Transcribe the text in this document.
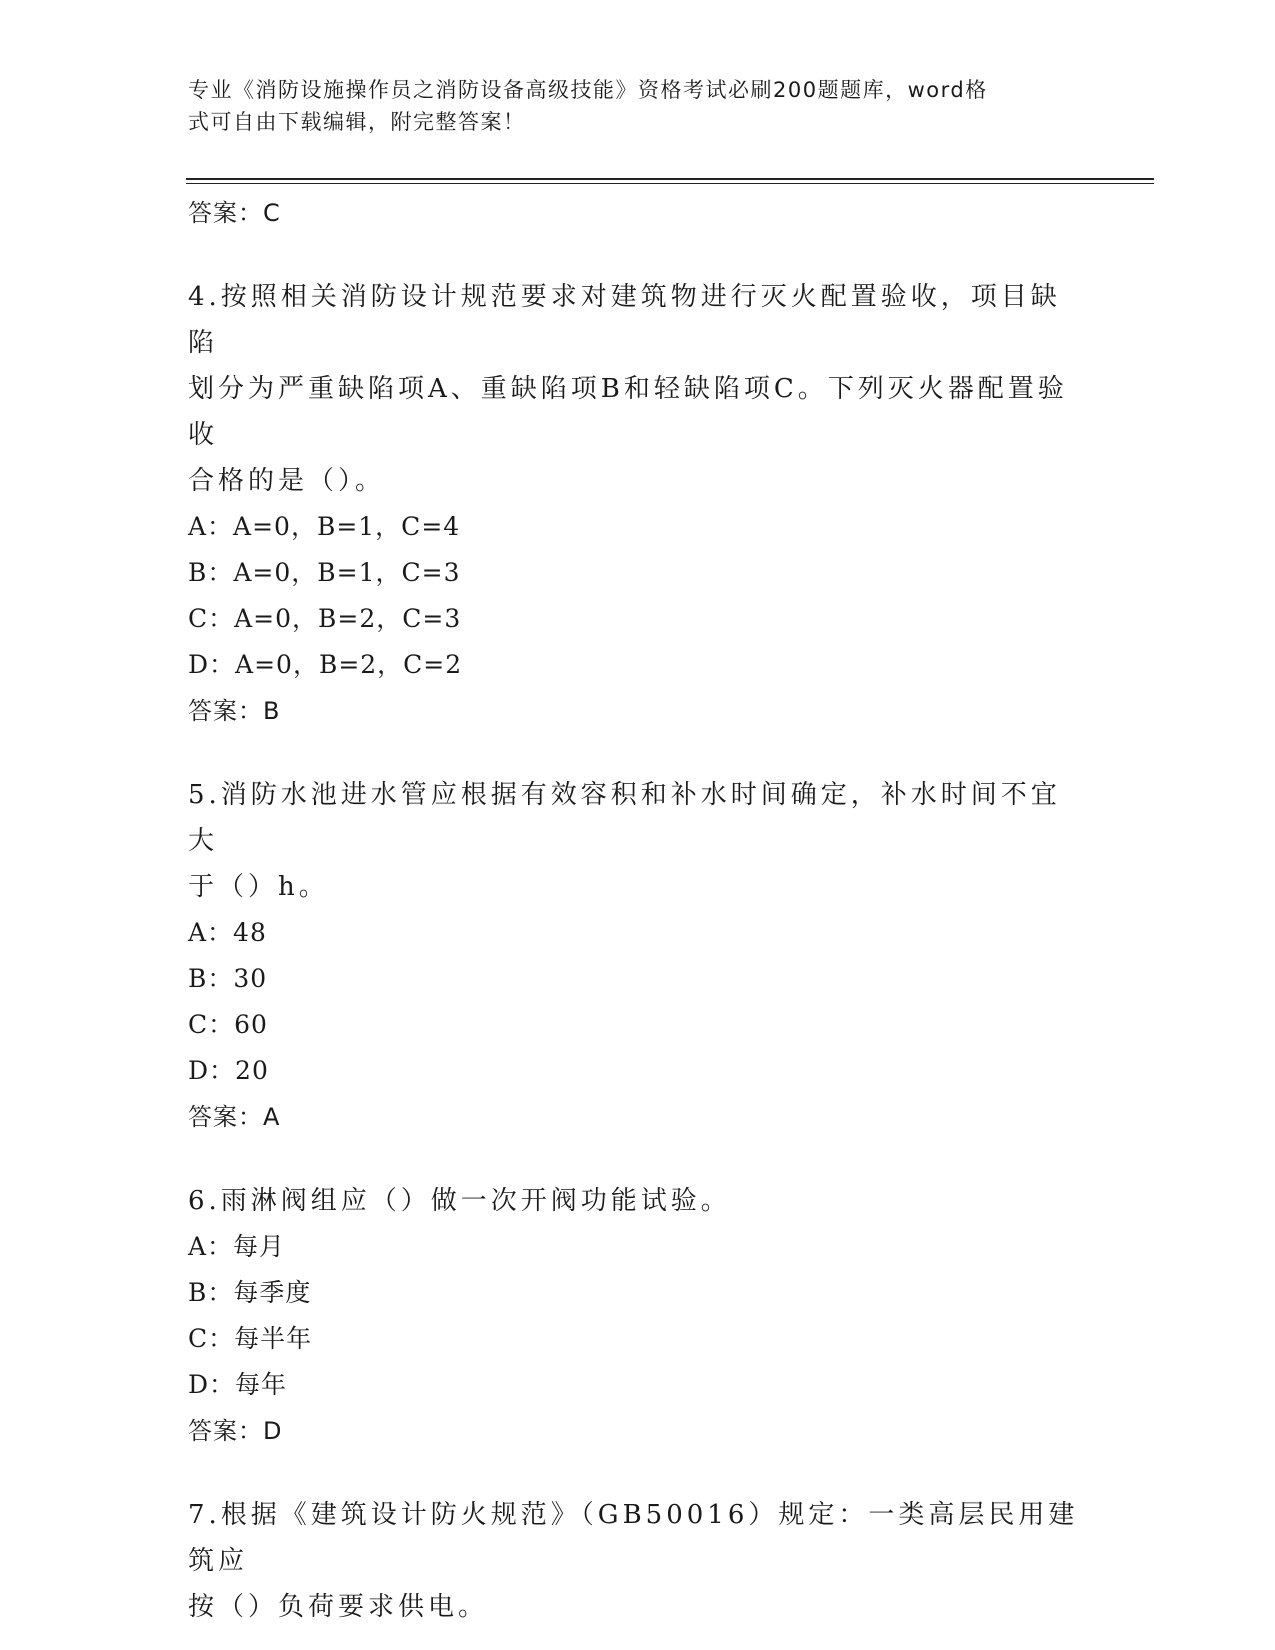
专业《消防设施操作员之消防设备高级技能》资格考试必刷200题题库，word格
式可自由下载编辑，附完整答案！
答案：C
4.按照相关消防设计规范要求对建筑物进行灭火配置验收，项目缺陷
划分为严重缺陷项A、重缺陷项B和轻缺陷项C。下列灭火器配置验收
合格的是（）。
A：A=0，B=1，C=4
B：A=0，B=1，C=3
C：A=0，B=2，C=3
D：A=0，B=2，C=2
答案：B
5.消防水池进水管应根据有效容积和补水时间确定，补水时间不宜大
于（）h。
A：48
B：30
C：60
D：20
答案：A
6.雨淋阀组应（）做一次开阀功能试验。
A：每月
B：每季度
C：每半年
D：每年
答案：D
7.根据《建筑设计防火规范》（GB50016）规定：一类高层民用建筑应
按（）负荷要求供电。
